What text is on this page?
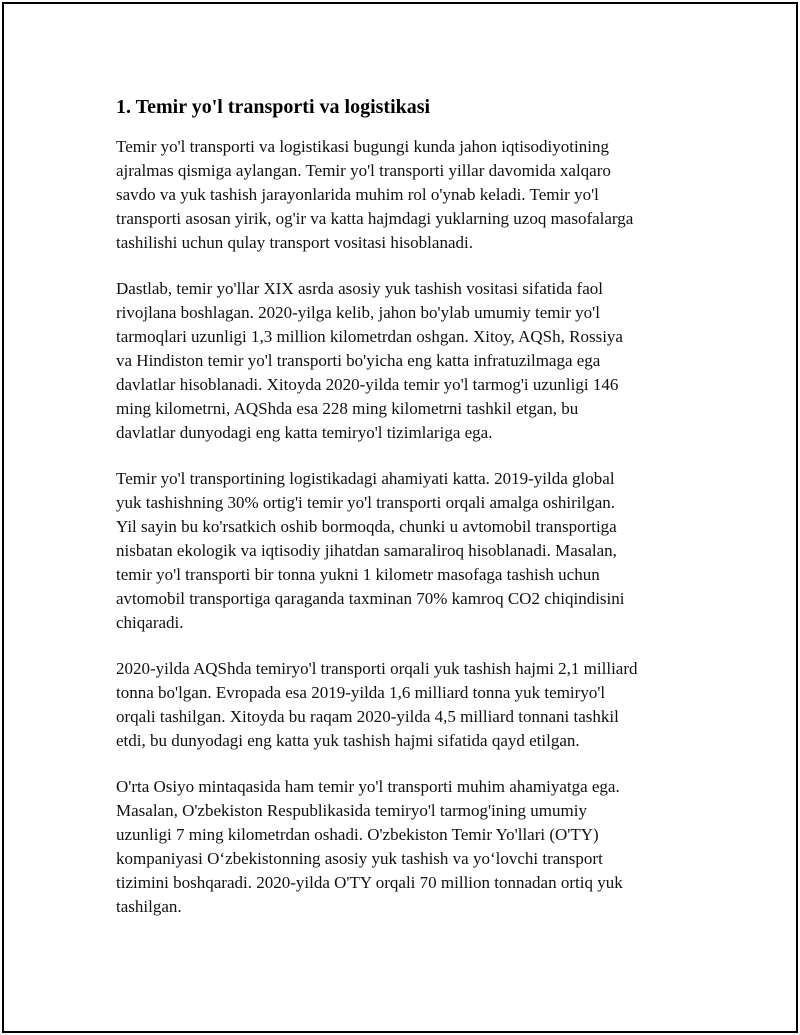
1. Temir yo'l transporti va logistikasi

Temir yo'l transporti va logistikasi bugungi kunda jahon iqtisodiyotining
ajralmas qismiga aylangan. Temir yo'l transporti yillar davomida xalqaro
savdo va yuk tashish jarayonlarida muhim rol o'ynab keladi. Temir yo'l
transporti asosan yirik, og'ir va katta hajmdagi yuklarning uzoq masofalarga
tashilishi uchun qulay transport vositasi hisoblanadi.

Dastlab, temir yo'llar XIX asrda asosiy yuk tashish vositasi sifatida faol
rivojlana boshlagan. 2020-yilga kelib, jahon bo'ylab umumiy temir yo'l
tarmoqlari uzunligi 1,3 million kilometrdan oshgan. Xitoy, AQSh, Rossiya
va Hindiston temir yo'l transporti bo'yicha eng katta infratuzilmaga ega
davlatlar hisoblanadi. Xitoyda 2020-yilda temir yo'l tarmog'i uzunligi 146
ming kilometrni, AQShda esa 228 ming kilometrni tashkil etgan, bu
davlatlar dunyodagi eng katta temiryo'l tizimlariga ega.

Temir yo'l transportining logistikadagi ahamiyati katta. 2019-yilda global
yuk tashishning 30% ortig'i temir yo'l transporti orqali amalga oshirilgan.
Yil sayin bu ko'rsatkich oshib bormoqda, chunki u avtomobil transportiga
nisbatan ekologik va iqtisodiy jihatdan samaraliroq hisoblanadi. Masalan,
temir yo'l transporti bir tonna yukni 1 kilometr masofaga tashish uchun
avtomobil transportiga qaraganda taxminan 70% kamroq CO2 chiqindisini
chiqaradi.

2020-yilda AQShda temiryo'l transporti orqali yuk tashish hajmi 2,1 milliard
tonna bo'lgan. Evropada esa 2019-yilda 1,6 milliard tonna yuk temiryo'l
orqali tashilgan. Xitoyda bu raqam 2020-yilda 4,5 milliard tonnani tashkil
etdi, bu dunyodagi eng katta yuk tashish hajmi sifatida qayd etilgan.

O'rta Osiyo mintaqasida ham temir yo'l transporti muhim ahamiyatga ega.
Masalan, O'zbekiston Respublikasida temiryo'l tarmog'ining umumiy
uzunligi 7 ming kilometrdan oshadi. O'zbekiston Temir Yo'llari (O'TY)
kompaniyasi O‘zbekistonning asosiy yuk tashish va yo‘lovchi transport
tizimini boshqaradi. 2020-yilda O'TY orqali 70 million tonnadan ortiq yuk
tashilgan.
